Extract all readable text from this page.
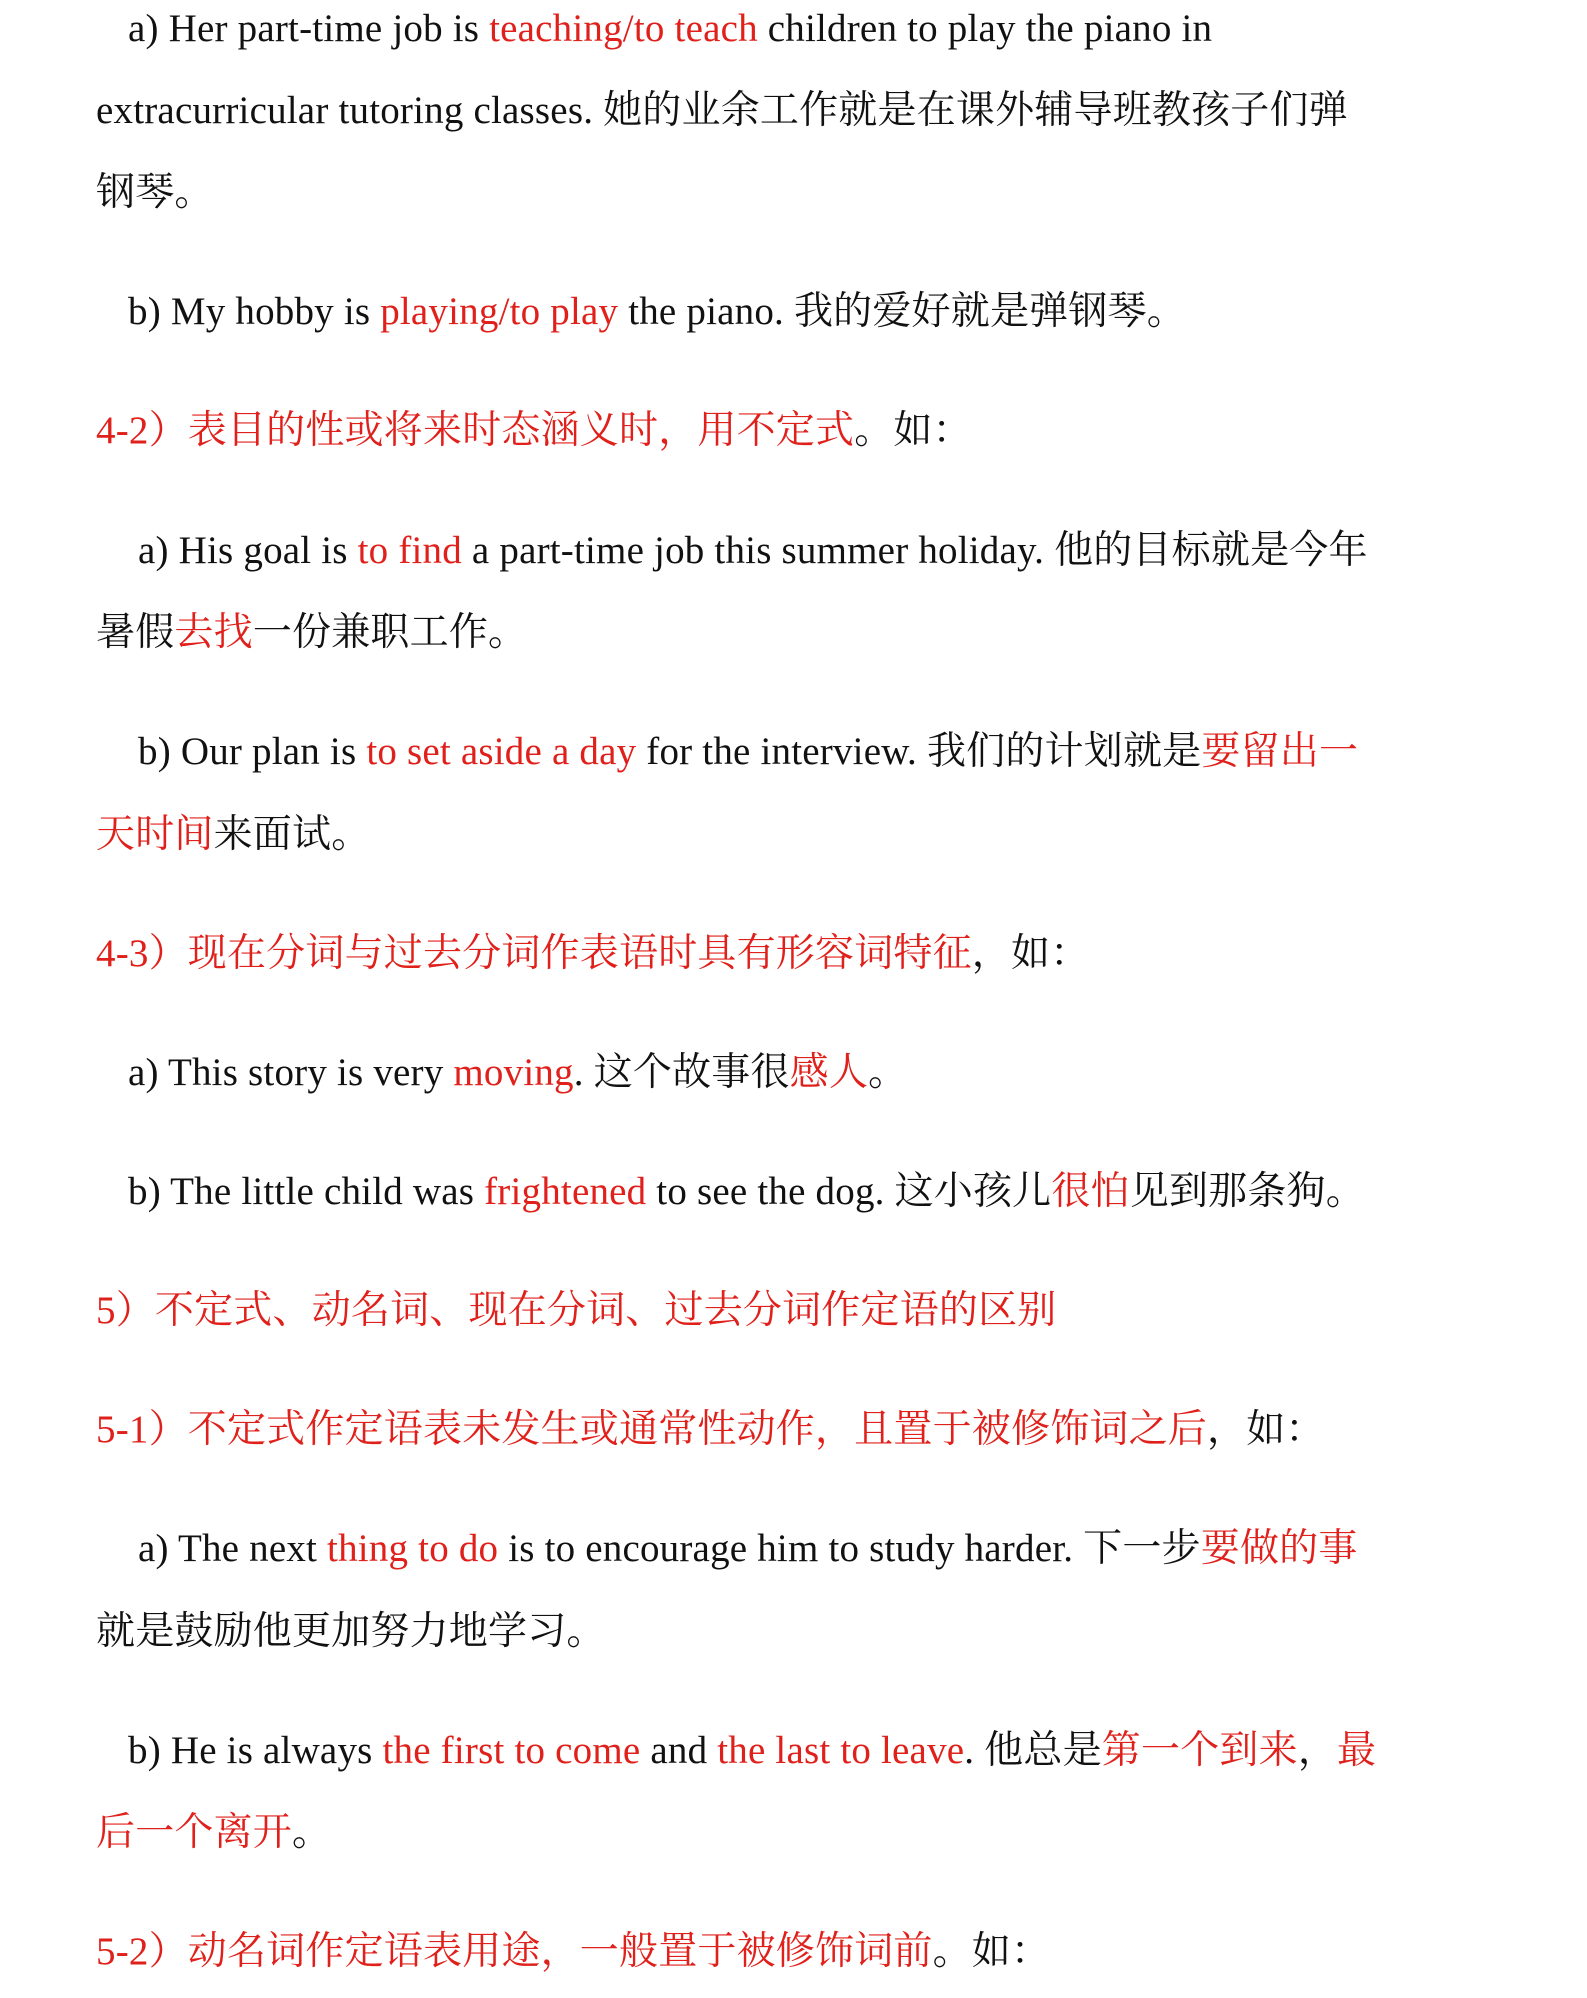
a) Her part-time job is teaching/to teach children to play the piano in
extracurricular tutoring classes. 她的业余工作就是在课外辅导班教孩子们弹
钢琴。
b) My hobby is playing/to play the piano. 我的爱好就是弹钢琴。
4-2）表目的性或将来时态涵义时，用不定式。如：
a) His goal is to find a part-time job this summer holiday. 他的目标就是今年
暑假去找一份兼职工作。
b) Our plan is to set aside a day for the interview. 我们的计划就是要留出一
天时间来面试。
4-3）现在分词与过去分词作表语时具有形容词特征，如：
a) This story is very moving. 这个故事很感人。
b) The little child was frightened to see the dog. 这小孩儿很怕见到那条狗。
5）不定式、动名词、现在分词、过去分词作定语的区别
5-1）不定式作定语表未发生或通常性动作，且置于被修饰词之后，如：
a) The next thing to do is to encourage him to study harder. 下一步要做的事
就是鼓励他更加努力地学习。
b) He is always the first to come and the last to leave. 他总是第一个到来，最
后一个离开。
5-2）动名词作定语表用途，一般置于被修饰词前。如：
